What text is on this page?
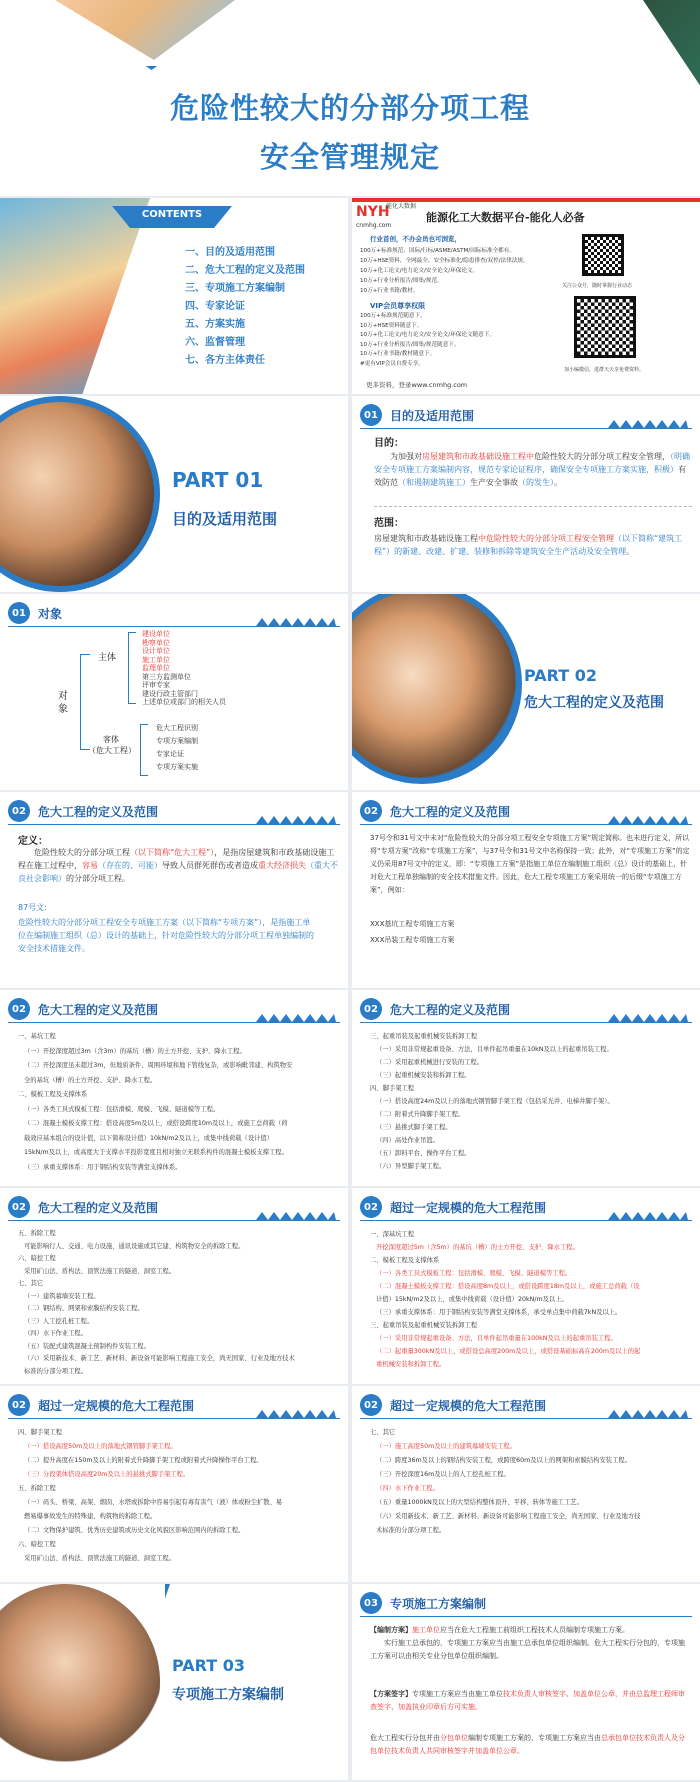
危险性较大的分部分项工程
安全管理规定
CONTENTS
一、目的及适用范围
二、危大工程的定义及范围
三、专项施工方案编制
四、专家论证
五、方案实施
六、监督管理
七、各方主体责任
NYH
能化大数据
cnmhg.com
能源化工大数据平台-能化人必备
行业首创，不办会员也可浏览，
100万+标准规范、国际/行标/ASME/ASTM/国际标准全都有。
10万+HSE资料，全网最全，安全标准化/隐患排查/双控/法律法规。
10万+化工论文/电力论文/安全论文/环保论文。
10万+行业分析报告/图集/规范。
10万+行业书籍/教材。
VIP会员尊享权限
100万+标准规范随意下。
10万+HSE资料随意下。
10万+化工论文/电力论文/安全论文/环保论文随意下。
10万+行业分析报告/图集/规范随意下。
10万+行业书籍/教材随意下。
#更有VIP会员自费专享。
更多资料，登录www.cnmhg.com
关注公众号，随时掌握行业动态
加小编微信，进群天天享免费资料。
PART 01
目的及适用范围
01	目的及适用范围
目的：
为加强对房屋建筑和市政基础设施工程中危险性较大的分部分项工程安全管理，（明确安全专项施工方案编制内容，规范专家论证程序，确保安全专项施工方案实施，积极）有效防范（和遏制建筑施工）生产安全事故（的发生）。
范围：
房屋建筑和市政基础设施工程中危险性较大的分部分项工程安全管理（以下简称“建筑工程”）的新建、改建、扩建、装修和拆除等建筑安全生产活动及安全管理。
01	对象
对象
主体
建设单位
勘察单位
设计单位
施工单位
监理单位
第三方监测单位
评审专家
建设行政主管部门
上述单位或部门的相关人员
客体
（危大工程）
危大工程识别
专项方案编制
专家论证
专项方案实施
PART 02
危大工程的定义及范围
02	危大工程的定义及范围
定义：
危险性较大的分部分项工程（以下简称“危大工程”），是指房屋建筑和市政基础设施工程在施工过程中，容易（存在的、可能）导致人员群死群伤或者造成重大经济损失（重大不良社会影响）的分部分项工程。
87号文:
危险性较大的分部分项工程安全专项施工方案（以下简称“专项方案”），是指施工单位在编制施工组织（总）设计的基础上，针对危险性较大的分部分项工程单独编制的安全技术措施文件。
02	危大工程的定义及范围
37号令和31号文中未对“危险性较大的分部分项工程安全专项施工方案”规定简称。也未进行定义，所以将“专项方案”改称“专项施工方案”，与37号令和31号文中名称保持一致；此外，对“专项施工方案”的定义仍采用87号文中的定义，即：“专项施工方案”是指施工单位在编制施工组织（总）设计的基础上，针对危大工程单独编制的安全技术措施文件。因此，危大工程专项施工方案采用统一的后缀“专项施工方案”，例如：
XXX基坑工程专项施工方案
XXX吊装工程专项施工方案
02	危大工程的定义及范围
一、基坑工程
（一）开挖深度超过3m（含3m）的基坑（槽）的土方开挖、支护、降水工程。
（二）开挖深度虽未超过3m，但地质条件、周围环境和地下管线复杂，或影响毗邻建、构筑物安
全的基坑（槽）的土方开挖、支护、降水工程。
二、模板工程及支撑体系
（一）各类工具式模板工程：包括滑模、爬模、飞模、隧道模等工程。
（二）混凝土模板支撑工程：搭设高度5m及以上，或搭设跨度10m及以上，或施工总荷载（荷
载效应基本组合的设计值，以下简称设计值）10kN/m2及以上，或集中线荷载（设计值）
15kN/m及以上，或高度大于支撑水平投影宽度且相对独立无联系构件的混凝土模板支撑工程。
（三）承重支撑体系：用于钢结构安装等满堂支撑体系。
02	危大工程的定义及范围
三、起重吊装及起重机械安装拆卸工程
（一）采用非常规起重设备、方法，且单件起吊重量在10kN及以上的起重吊装工程。
（二）采用起重机械进行安装的工程。
（三）起重机械安装和拆卸工程。
四、脚手架工程
（一）搭设高度24m及以上的落地式钢管脚手架工程（包括采光井、电梯井脚手架）。
（二）附着式升降脚手架工程。
（三）悬挑式脚手架工程。
（四）高处作业吊篮。
（五）卸料平台、操作平台工程。
（六）异型脚手架工程。
02	危大工程的定义及范围
五、拆除工程
可能影响行人、交通、电力设施、通讯设施或其它建、构筑物安全的拆除工程。
六、暗挖工程
采用矿山法、盾构法、顶管法施工的隧道、洞室工程。
七、其它
（一）建筑幕墙安装工程。
（二）钢结构、网架和索膜结构安装工程。
（三）人工挖孔桩工程。
（四）水下作业工程。
（五）装配式建筑混凝土预制构件安装工程。
（六）采用新技术、新工艺、新材料、新设备可能影响工程施工安全，尚无国家、行业及地方技术
标准的分部分项工程。
02	超过一定规模的危大工程范围
一、深基坑工程
开挖深度超过5m（含5m）的基坑（槽）的土方开挖、支护、降水工程。
二、模板工程及支撑体系
（一）各类工具式模板工程：包括滑模、爬模、飞模、隧道模等工程。
（二）混凝土模板支撑工程：搭设高度8m及以上，或搭设跨度18m及以上，或施工总荷载（设
计值）15kN/m2及以上，或集中线荷载（设计值）20kN/m及以上。
（三）承重支撑体系：用于钢结构安装等满堂支撑体系，承受单点集中荷载7kN及以上。
三、起重吊装及起重机械安装拆卸工程
（一）采用非常规起重设备、方法，且单件起吊重量在100kN及以上的起重吊装工程。
（二）起重量300kN及以上，或搭设总高度200m及以上，或搭设基础标高在200m及以上的起
重机械安装和拆卸工程。
02	超过一定规模的危大工程范围
四、脚手架工程
（一）搭设高度50m及以上的落地式钢管脚手架工程。
（二）提升高度在150m及以上的附着式升降脚手架工程或附着式升降操作平台工程。
（三）分段架体搭设高度20m及以上的悬挑式脚手架工程。
五、拆除工程
（一）码头、桥梁、高架、烟囱、水塔或拆除中容易引起有毒有害气（液）体或粉尘扩散、易
燃易爆事故发生的特殊建、构筑物的拆除工程。
（二）文物保护建筑、优秀历史建筑或历史文化风貌区影响范围内的拆除工程。
六、暗挖工程
采用矿山法、盾构法、顶管法施工的隧道、洞室工程。
02	超过一定规模的危大工程范围
七、其它
（一）施工高度50m及以上的建筑幕墙安装工程。
（二）跨度36m及以上的钢结构安装工程，或跨度60m及以上的网架和索膜结构安装工程。
（三）开挖深度16m及以上的人工挖孔桩工程。
（四）水下作业工程。
（五）重量1000kN及以上的大型结构整体顶升、平移、转体等施工工艺。
（六）采用新技术、新工艺、新材料、新设备可能影响工程施工安全，尚无国家、行业及地方技
术标准的分部分项工程。
PART 03
专项施工方案编制
03	专项施工方案编制
【编制方案】施工单位应当在危大工程施工前组织工程技术人员编制专项施工方案。
实行施工总承包的，专项施工方案应当由施工总承包单位组织编制。危大工程实行分包的，专项施工方案可以由相关专业分包单位组织编制。
【方案签字】专项施工方案应当由施工单位技术负责人审核签字、加盖单位公章，并由总监理工程师审查签字、加盖执业印章后方可实施。
危大工程实行分包并由分包单位编制专项施工方案的，专项施工方案应当由总承包单位技术负责人及分包单位技术负责人共同审核签字并加盖单位公章。
